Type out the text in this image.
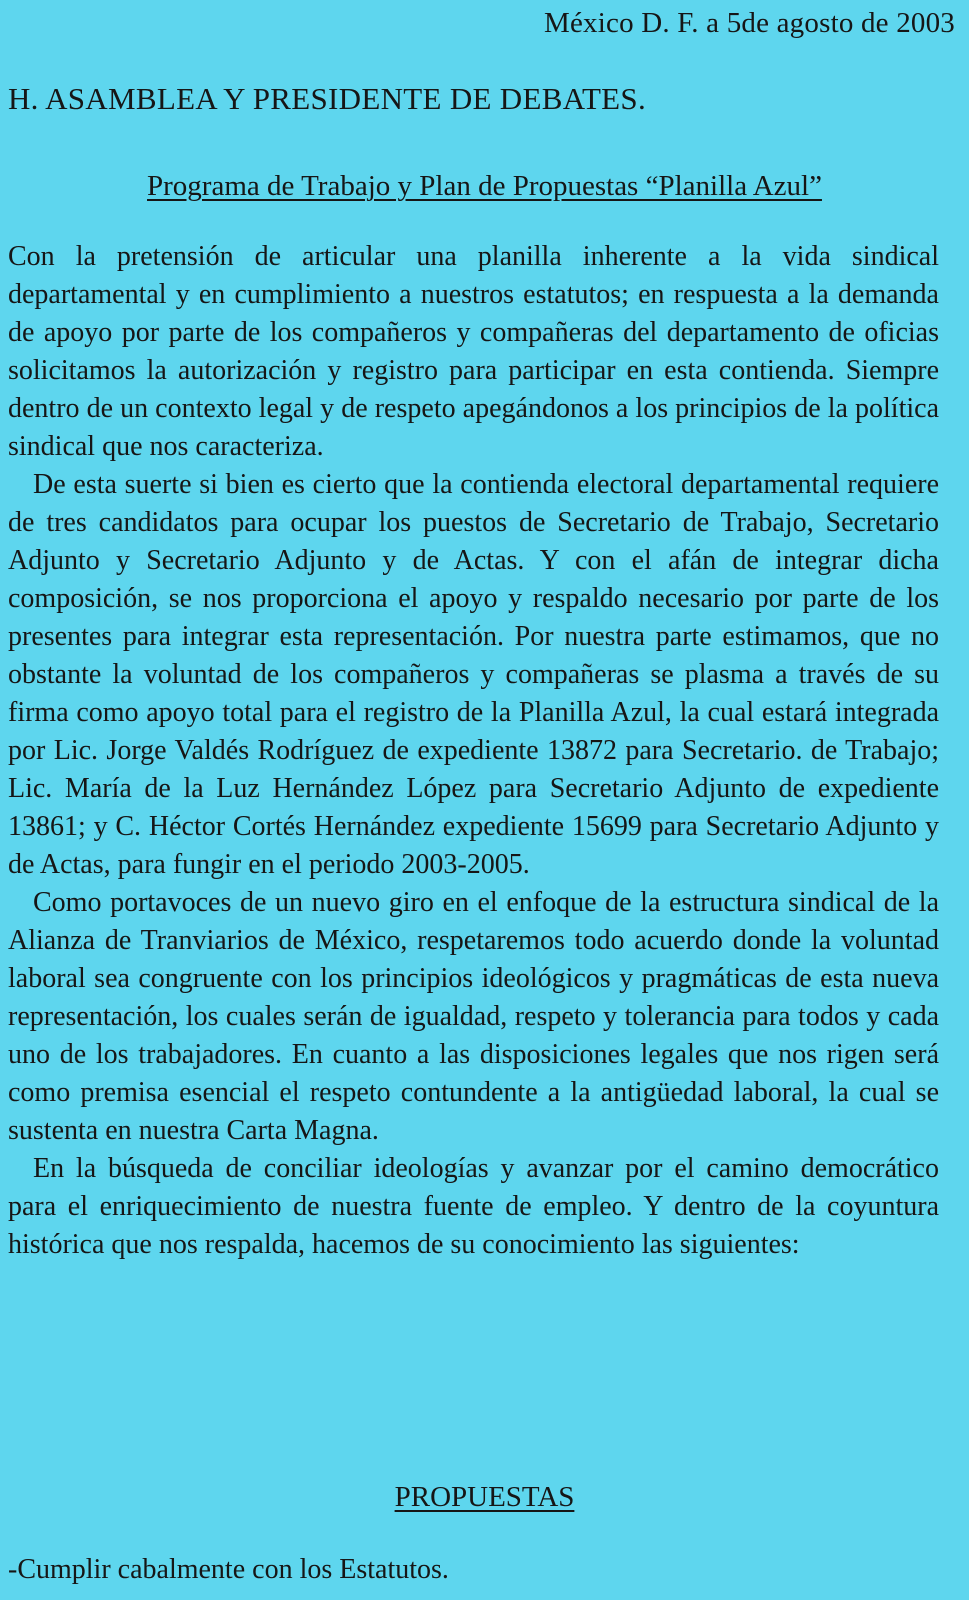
México D. F. a 5de agosto de 2003
H. ASAMBLEA Y PRESIDENTE DE DEBATES.
Programa de Trabajo y Plan de Propuestas “Planilla Azul”

Con la pretensión de articular una planilla inherente a la vida sindical departamental y en cumplimiento a nuestros estatutos; en respuesta a la demanda de apoyo por parte de los compañeros y compañeras del departamento de oficias solicitamos la autorización y registro para participar en esta contienda. Siempre dentro de un contexto legal y de respeto apegándonos a los principios de la política sindical que nos caracteriza.

De esta suerte si bien es cierto que la contienda electoral departamental requiere de tres candidatos para ocupar los puestos de Secretario de Trabajo, Secretario Adjunto y Secretario Adjunto y de Actas. Y con el afán de integrar dicha composición, se nos proporciona el apoyo y respaldo necesario por parte de los presentes para integrar esta representación. Por nuestra parte estimamos, que no obstante la voluntad de los compañeros y compañeras se plasma a través de su firma como apoyo total para el registro de la Planilla Azul, la cual estará integrada por Lic. Jorge Valdés Rodríguez de expediente 13872 para Secretario. de Trabajo; Lic. María de la Luz Hernández López para Secretario Adjunto de expediente 13861; y C. Héctor Cortés Hernández expediente 15699 para Secretario Adjunto y de Actas, para fungir en el periodo 2003-2005.

Como portavoces de un nuevo giro en el enfoque de la estructura sindical de la Alianza de Tranviarios de México, respetaremos todo acuerdo donde la voluntad laboral sea congruente con los principios ideológicos y pragmáticas de esta nueva representación, los cuales serán de igualdad, respeto y tolerancia para todos y cada uno de los trabajadores. En cuanto a las disposiciones legales que nos rigen será como premisa esencial el respeto contundente a la antigüedad laboral, la cual se sustenta en nuestra Carta Magna.

En la búsqueda de conciliar ideologías y avanzar por el camino democrático para el enriquecimiento de nuestra fuente de empleo. Y dentro de la coyuntura histórica que nos respalda, hacemos de su conocimiento las siguientes:

PROPUESTAS
-Cumplir cabalmente con los Estatutos.
